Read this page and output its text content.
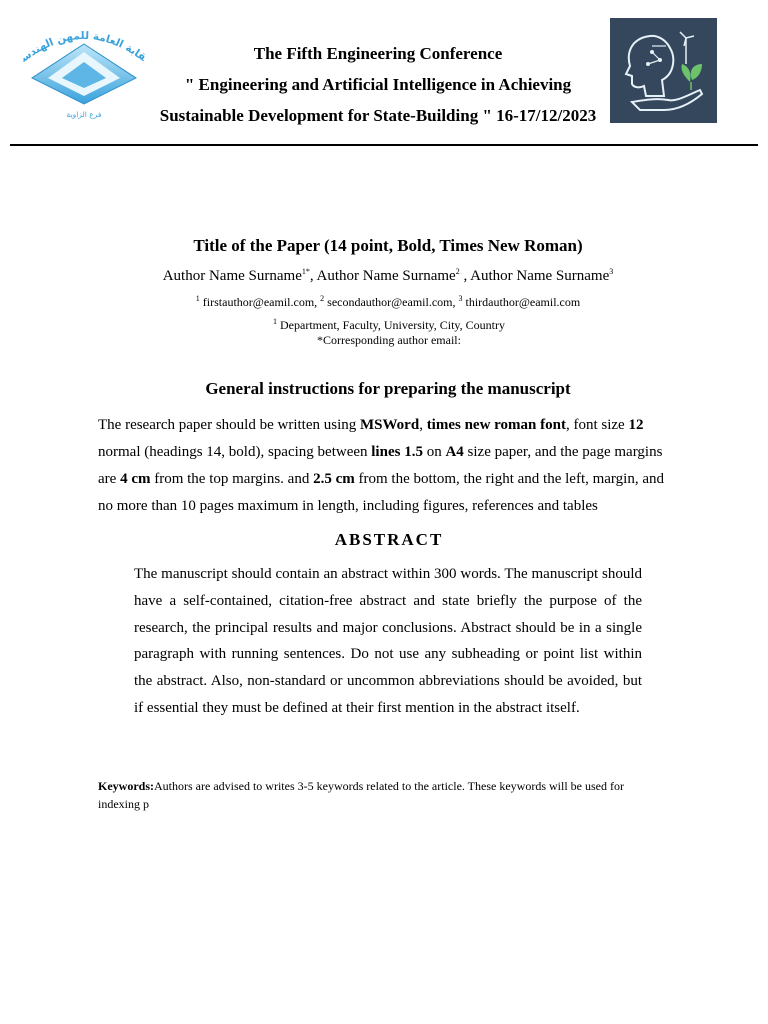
قابة العامة للمهن الهندس
فرع الزاوية
The Fifth Engineering Conference
" Engineering and Artificial Intelligence in Achieving
Sustainable Development for State-Building " 16-17/12/2023
Title of the Paper (14 point, Bold, Times New Roman)
Author Name Surname$^{1*}$, Author Name Surname$^2$ , Author Name Surname$^3$
$^1$ firstauthor@eamil.com, $^2$ secondauthor@eamil.com, $^3$ thirdauthor@eamil.com
$^1$ Department, Faculty, University, City, Country
*Corresponding author email:
General instructions for preparing the manuscript
The research paper should be written using MSWord, times new roman font, font size 12 normal (headings 14, bold), spacing between lines 1.5 on A4 size paper, and the page margins are 4 cm from the top margins. and 2.5 cm from the bottom, the right and the left, margin, and no more than 10 pages maximum in length, including figures, references and tables
ABSTRACT
The manuscript should contain an abstract within 300 words. The manuscript should have a self-contained, citation-free abstract and state briefly the purpose of the research, the principal results and major conclusions. Abstract should be in a single paragraph with running sentences. Do not use any subheading or point list within the abstract. Also, non-standard or uncommon abbreviations should be avoided, but if essential they must be defined at their first mention in the abstract itself.
Keywords:Authors are advised to writes 3-5 keywords related to the article. These keywords will be used for indexing p
